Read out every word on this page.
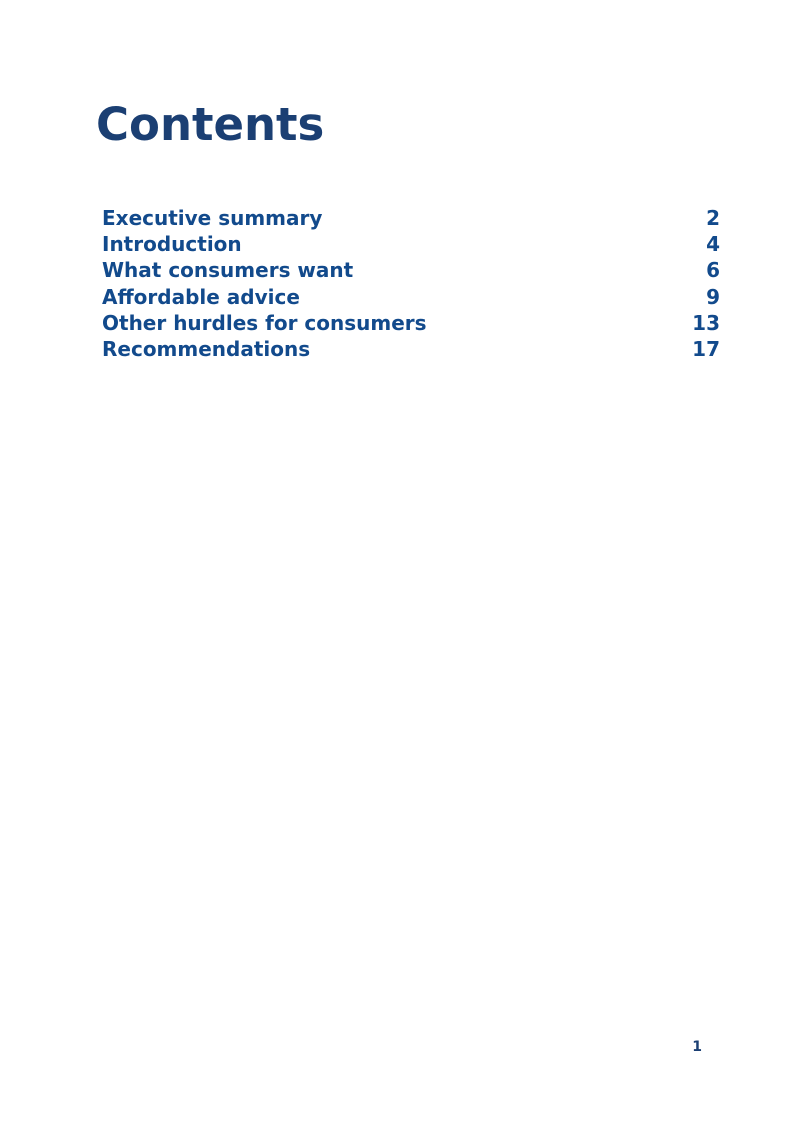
Contents
Executive summary	2
Introduction	4
What consumers want	6
Affordable advice	9
Other hurdles for consumers	13
Recommendations	17
1
